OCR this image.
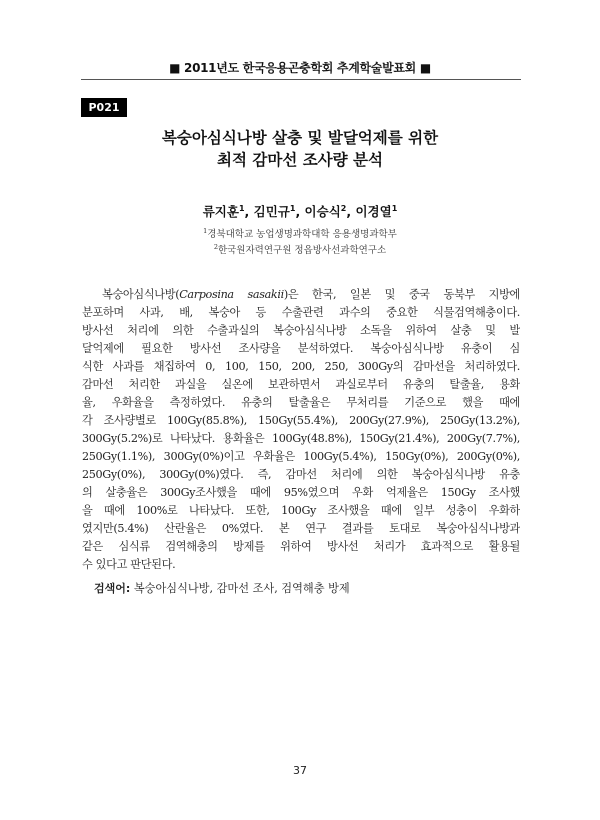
■ 2011년도 한국응용곤충학회 추계학술발표회 ■
P021
복숭아심식나방 살충 및 발달억제를 위한
최적 감마선 조사량 분석
류지훈$^1$, 김민규$^1$, 이승식$^2$, 이경열$^1$
$^1$경북대학교 농업생명과학대학 응용생명과학부
$^2$한국원자력연구원 정읍방사선과학연구소
복숭아심식나방(Carposina sasakii)은 한국, 일본 및 중국 동북부 지방에
분포하며 사과, 배, 복숭아 등 수출관련 과수의 중요한 식물검역해충이다.
방사선 처리에 의한 수출과실의 복숭아심식나방 소독을 위하여 살충 및 발
달억제에 필요한 방사선 조사량을 분석하였다. 복숭아심식나방 유충이 심
식한 사과를 채집하여 0, 100, 150, 200, 250, 300Gy의 감마선을 처리하였다.
감마선 처리한 과실을 실온에 보관하면서 과실로부터 유충의 탈출율, 용화
율, 우화율을 측정하였다. 유충의 탈출율은 무처리를 기준으로 했을 때에
각 조사량별로 100Gy(85.8%), 150Gy(55.4%), 200Gy(27.9%), 250Gy(13.2%),
300Gy(5.2%)로 나타났다. 용화율은 100Gy(48.8%), 150Gy(21.4%), 200Gy(7.7%),
250Gy(1.1%), 300Gy(0%)이고 우화율은 100Gy(5.4%), 150Gy(0%), 200Gy(0%),
250Gy(0%), 300Gy(0%)였다. 즉, 감마선 처리에 의한 복숭아심식나방 유충
의 살충율은 300Gy조사했을 때에 95%였으며 우화 억제율은 150Gy 조사했
을 때에 100%로 나타났다. 또한, 100Gy 조사했을 때에 일부 성충이 우화하
였지만(5.4%) 산란율은 0%였다. 본 연구 결과를 토대로 복숭아심식나방과
같은 심식류 검역해충의 방제를 위하여 방사선 처리가 효과적으로 활용될
수 있다고 판단된다.
검색어: 복숭아심식나방, 감마선 조사, 검역해충 방제
37
